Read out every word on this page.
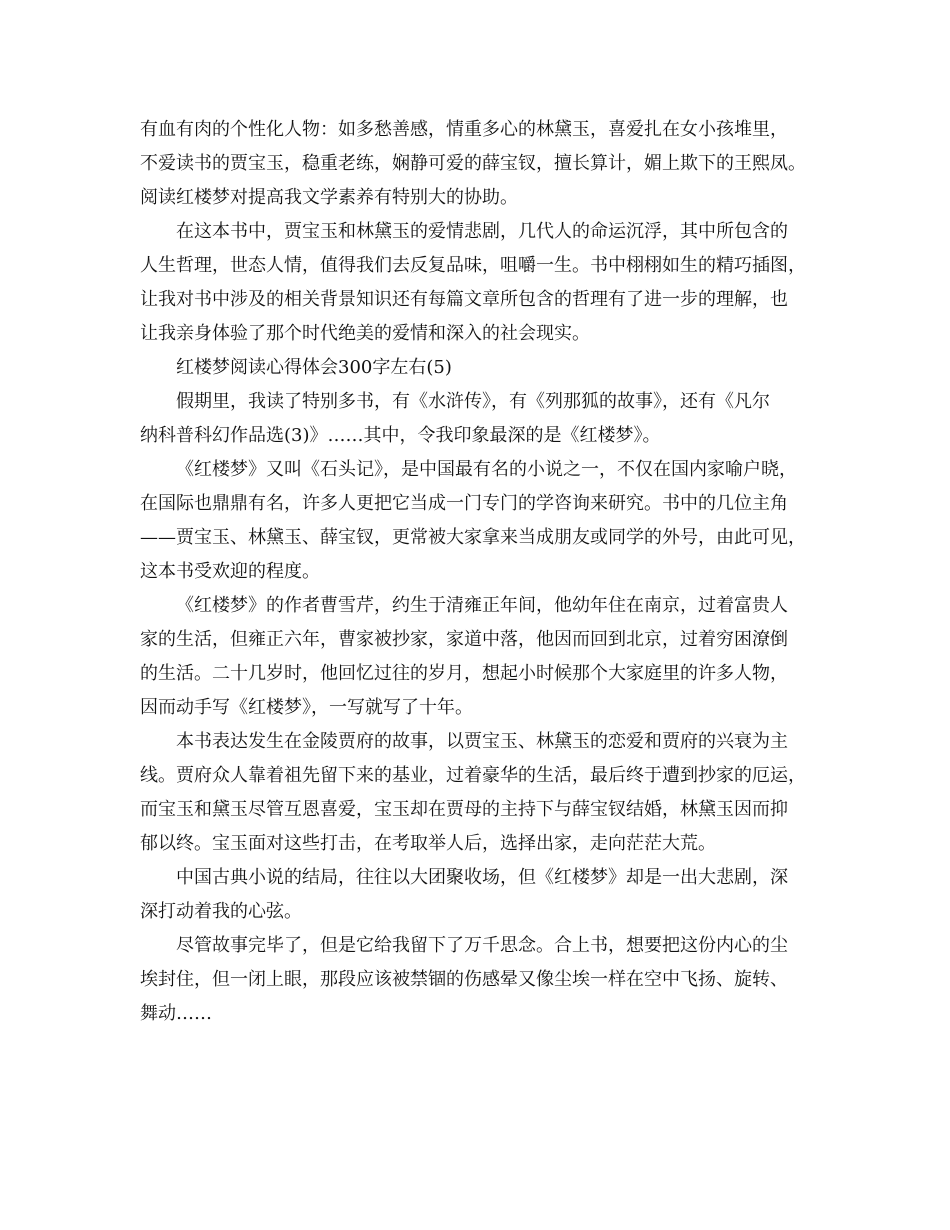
有血有肉的个性化人物：如多愁善感，情重多心的林黛玉，喜爱扎在女小孩堆里，
不爱读书的贾宝玉，稳重老练，娴静可爱的薛宝钗，擅长算计，媚上欺下的王熙凤。
阅读红楼梦对提高我文学素养有特别大的协助。
在这本书中，贾宝玉和林黛玉的爱情悲剧，几代人的命运沉浮，其中所包含的
人生哲理，世态人情，值得我们去反复品味，咀嚼一生。书中栩栩如生的精巧插图，
让我对书中涉及的相关背景知识还有每篇文章所包含的哲理有了进一步的理解，也
让我亲身体验了那个时代绝美的爱情和深入的社会现实。
红楼梦阅读心得体会300字左右(5)
假期里，我读了特别多书，有《水浒传》，有《列那狐的故事》，还有《凡尔
纳科普科幻作品选(3)》……其中，令我印象最深的是《红楼梦》。
《红楼梦》又叫《石头记》，是中国最有名的小说之一，不仅在国内家喻户晓，
在国际也鼎鼎有名，许多人更把它当成一门专门的学咨询来研究。书中的几位主角
——贾宝玉、林黛玉、薛宝钗，更常被大家拿来当成朋友或同学的外号，由此可见，
这本书受欢迎的程度。
《红楼梦》的作者曹雪芹，约生于清雍正年间，他幼年住在南京，过着富贵人
家的生活，但雍正六年，曹家被抄家，家道中落，他因而回到北京，过着穷困潦倒
的生活。二十几岁时，他回忆过往的岁月，想起小时候那个大家庭里的许多人物，
因而动手写《红楼梦》，一写就写了十年。
本书表达发生在金陵贾府的故事，以贾宝玉、林黛玉的恋爱和贾府的兴衰为主
线。贾府众人靠着祖先留下来的基业，过着豪华的生活，最后终于遭到抄家的厄运，
而宝玉和黛玉尽管互恩喜爱，宝玉却在贾母的主持下与薛宝钗结婚，林黛玉因而抑
郁以终。宝玉面对这些打击，在考取举人后，选择出家，走向茫茫大荒。
中国古典小说的结局，往往以大团聚收场，但《红楼梦》却是一出大悲剧，深
深打动着我的心弦。
尽管故事完毕了，但是它给我留下了万千思念。合上书，想要把这份内心的尘
埃封住，但一闭上眼，那段应该被禁锢的伤感晕又像尘埃一样在空中飞扬、旋转、
舞动……
